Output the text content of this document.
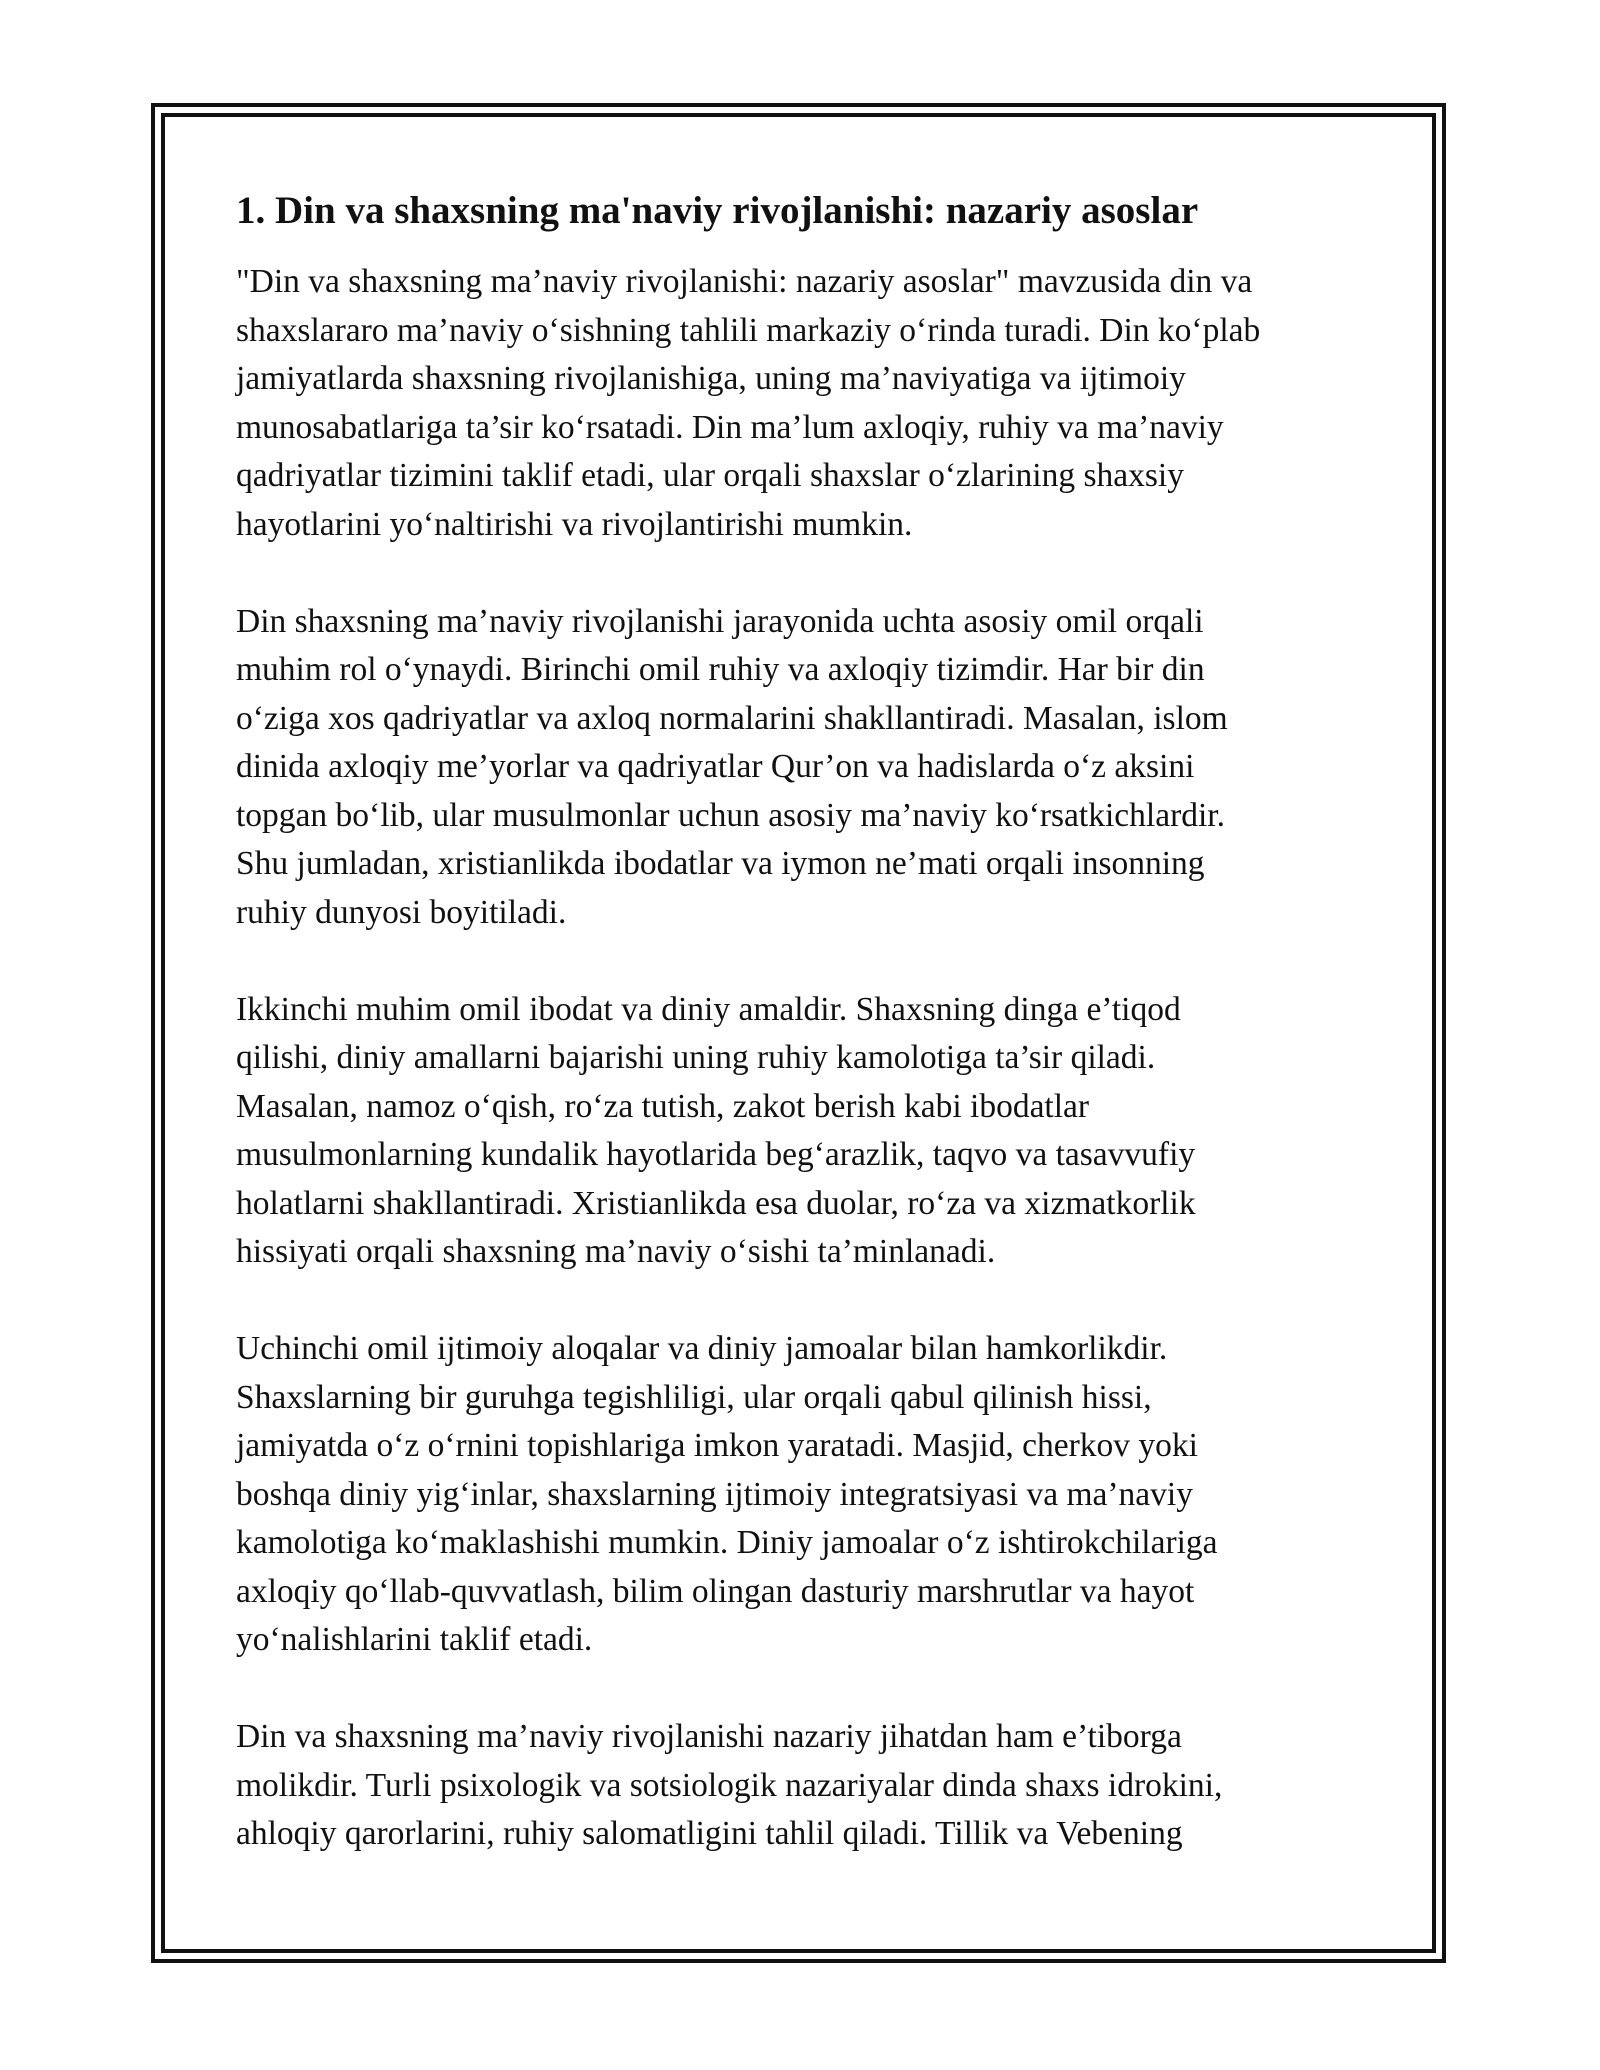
1. Din va shaxsning ma'naviy rivojlanishi: nazariy asoslar

"Din va shaxsning ma’naviy rivojlanishi: nazariy asoslar" mavzusida din va
shaxslararo ma’naviy o‘sishning tahlili markaziy o‘rinda turadi. Din ko‘plab
jamiyatlarda shaxsning rivojlanishiga, uning ma’naviyatiga va ijtimoiy
munosabatlariga ta’sir ko‘rsatadi. Din ma’lum axloqiy, ruhiy va ma’naviy
qadriyatlar tizimini taklif etadi, ular orqali shaxslar o‘zlarining shaxsiy
hayotlarini yo‘naltirishi va rivojlantirishi mumkin.

Din shaxsning ma’naviy rivojlanishi jarayonida uchta asosiy omil orqali
muhim rol o‘ynaydi. Birinchi omil ruhiy va axloqiy tizimdir. Har bir din
o‘ziga xos qadriyatlar va axloq normalarini shakllantiradi. Masalan, islom
dinida axloqiy me’yorlar va qadriyatlar Qur’on va hadislarda o‘z aksini
topgan bo‘lib, ular musulmonlar uchun asosiy ma’naviy ko‘rsatkichlardir.
Shu jumladan, xristianlikda ibodatlar va iymon ne’mati orqali insonning
ruhiy dunyosi boyitiladi.

Ikkinchi muhim omil ibodat va diniy amaldir. Shaxsning dinga e’tiqod
qilishi, diniy amallarni bajarishi uning ruhiy kamolotiga ta’sir qiladi.
Masalan, namoz o‘qish, ro‘za tutish, zakot berish kabi ibodatlar
musulmonlarning kundalik hayotlarida beg‘arazlik, taqvo va tasavvufiy
holatlarni shakllantiradi. Xristianlikda esa duolar, ro‘za va xizmatkorlik
hissiyati orqali shaxsning ma’naviy o‘sishi ta’minlanadi.

Uchinchi omil ijtimoiy aloqalar va diniy jamoalar bilan hamkorlikdir.
Shaxslarning bir guruhga tegishliligi, ular orqali qabul qilinish hissi,
jamiyatda o‘z o‘rnini topishlariga imkon yaratadi. Masjid, cherkov yoki
boshqa diniy yig‘inlar, shaxslarning ijtimoiy integratsiyasi va ma’naviy
kamolotiga ko‘maklashishi mumkin. Diniy jamoalar o‘z ishtirokchilariga
axloqiy qo‘llab-quvvatlash, bilim olingan dasturiy marshrutlar va hayot
yo‘nalishlarini taklif etadi.

Din va shaxsning ma’naviy rivojlanishi nazariy jihatdan ham e’tiborga
molikdir. Turli psixologik va sotsiologik nazariyalar dinda shaxs idrokini,
ahloqiy qarorlarini, ruhiy salomatligini tahlil qiladi. Tillik va Vebening
